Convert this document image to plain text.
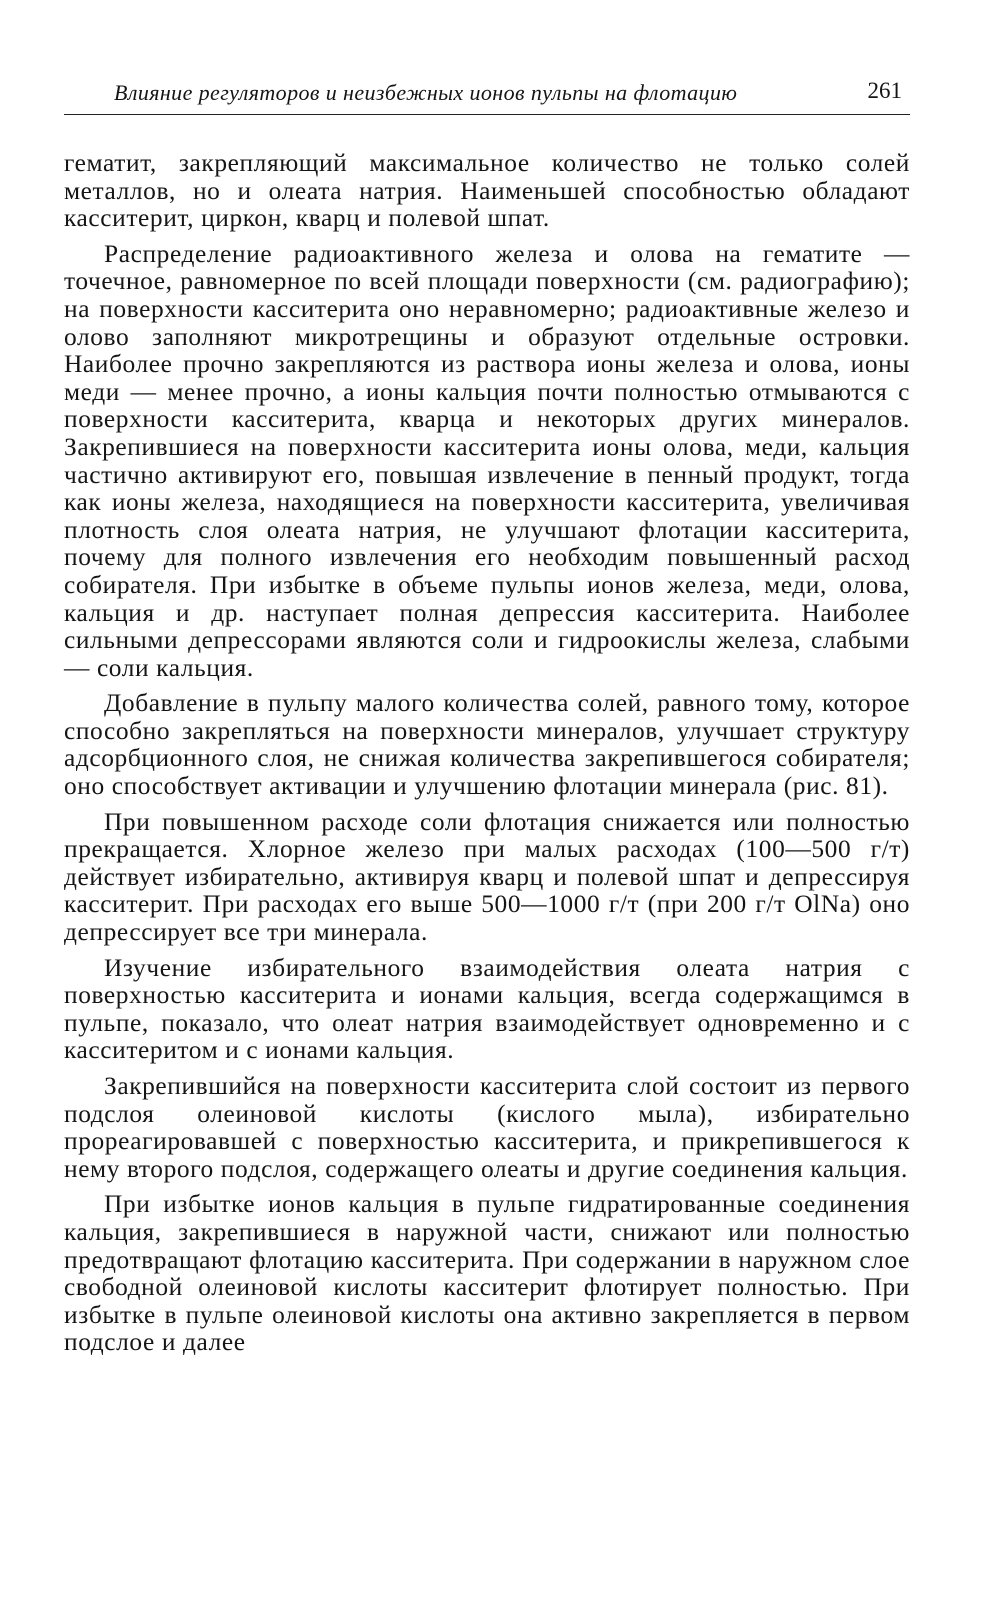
Влияние регуляторов и неизбежных ионов пульпы на флотацию	261

гематит, закрепляющий максимальное количество не только солей металлов, но и олеата натрия. Наименьшей способностью обладают касситерит, циркон, кварц и полевой шпат.

Распределение радиоактивного железа и олова на гематите — точечное, равномерное по всей площади поверхности (см. радиографию); на поверхности касситерита оно неравномерно; радиоактивные железо и олово заполняют микротрещины и образуют отдельные островки. Наиболее прочно закрепляются из раствора ионы железа и олова, ионы меди — менее прочно, а ионы кальция почти полностью отмываются с поверхности касситерита, кварца и некоторых других минералов. Закрепившиеся на поверхности касситерита ионы олова, меди, кальция частично активируют его, повышая извлечение в пенный продукт, тогда как ионы железа, находящиеся на поверхности касситерита, увеличивая плотность слоя олеата натрия, не улучшают флотации касситерита, почему для полного извлечения его необходим повышенный расход собирателя. При избытке в объеме пульпы ионов железа, меди, олова, кальция и др. наступает полная депрессия касситерита. Наиболее сильными депрессорами являются соли и гидроокислы железа, слабыми — соли кальция.

Добавление в пульпу малого количества солей, равного тому, которое способно закрепляться на поверхности минералов, улучшает структуру адсорбционного слоя, не снижая количества закрепившегося собирателя; оно способствует активации и улучшению флотации минерала (рис. 81).

При повышенном расходе соли флотация снижается или полностью прекращается. Хлорное железо при малых расходах (100—500 г/т) действует избирательно, активируя кварц и полевой шпат и депрессируя касситерит. При расходах его выше 500—1000 г/т (при 200 г/т OlNa) оно депрессирует все три минерала.

Изучение избирательного взаимодействия олеата натрия с поверхностью касситерита и ионами кальция, всегда содержащимся в пульпе, показало, что олеат натрия взаимодействует одновременно и с касситеритом и с ионами кальция.

Закрепившийся на поверхности касситерита слой состоит из первого подслоя олеиновой кислоты (кислого мыла), избирательно прореагировавшей с поверхностью касситерита, и прикрепившегося к нему второго подслоя, содержащего олеаты и другие соединения кальция.

При избытке ионов кальция в пульпе гидратированные соединения кальция, закрепившиеся в наружной части, снижают или полностью предотвращают флотацию касситерита. При содержании в наружном слое свободной олеиновой кислоты касситерит флотирует полностью. При избытке в пульпе олеиновой кислоты она активно закрепляется в первом подслое и далее
